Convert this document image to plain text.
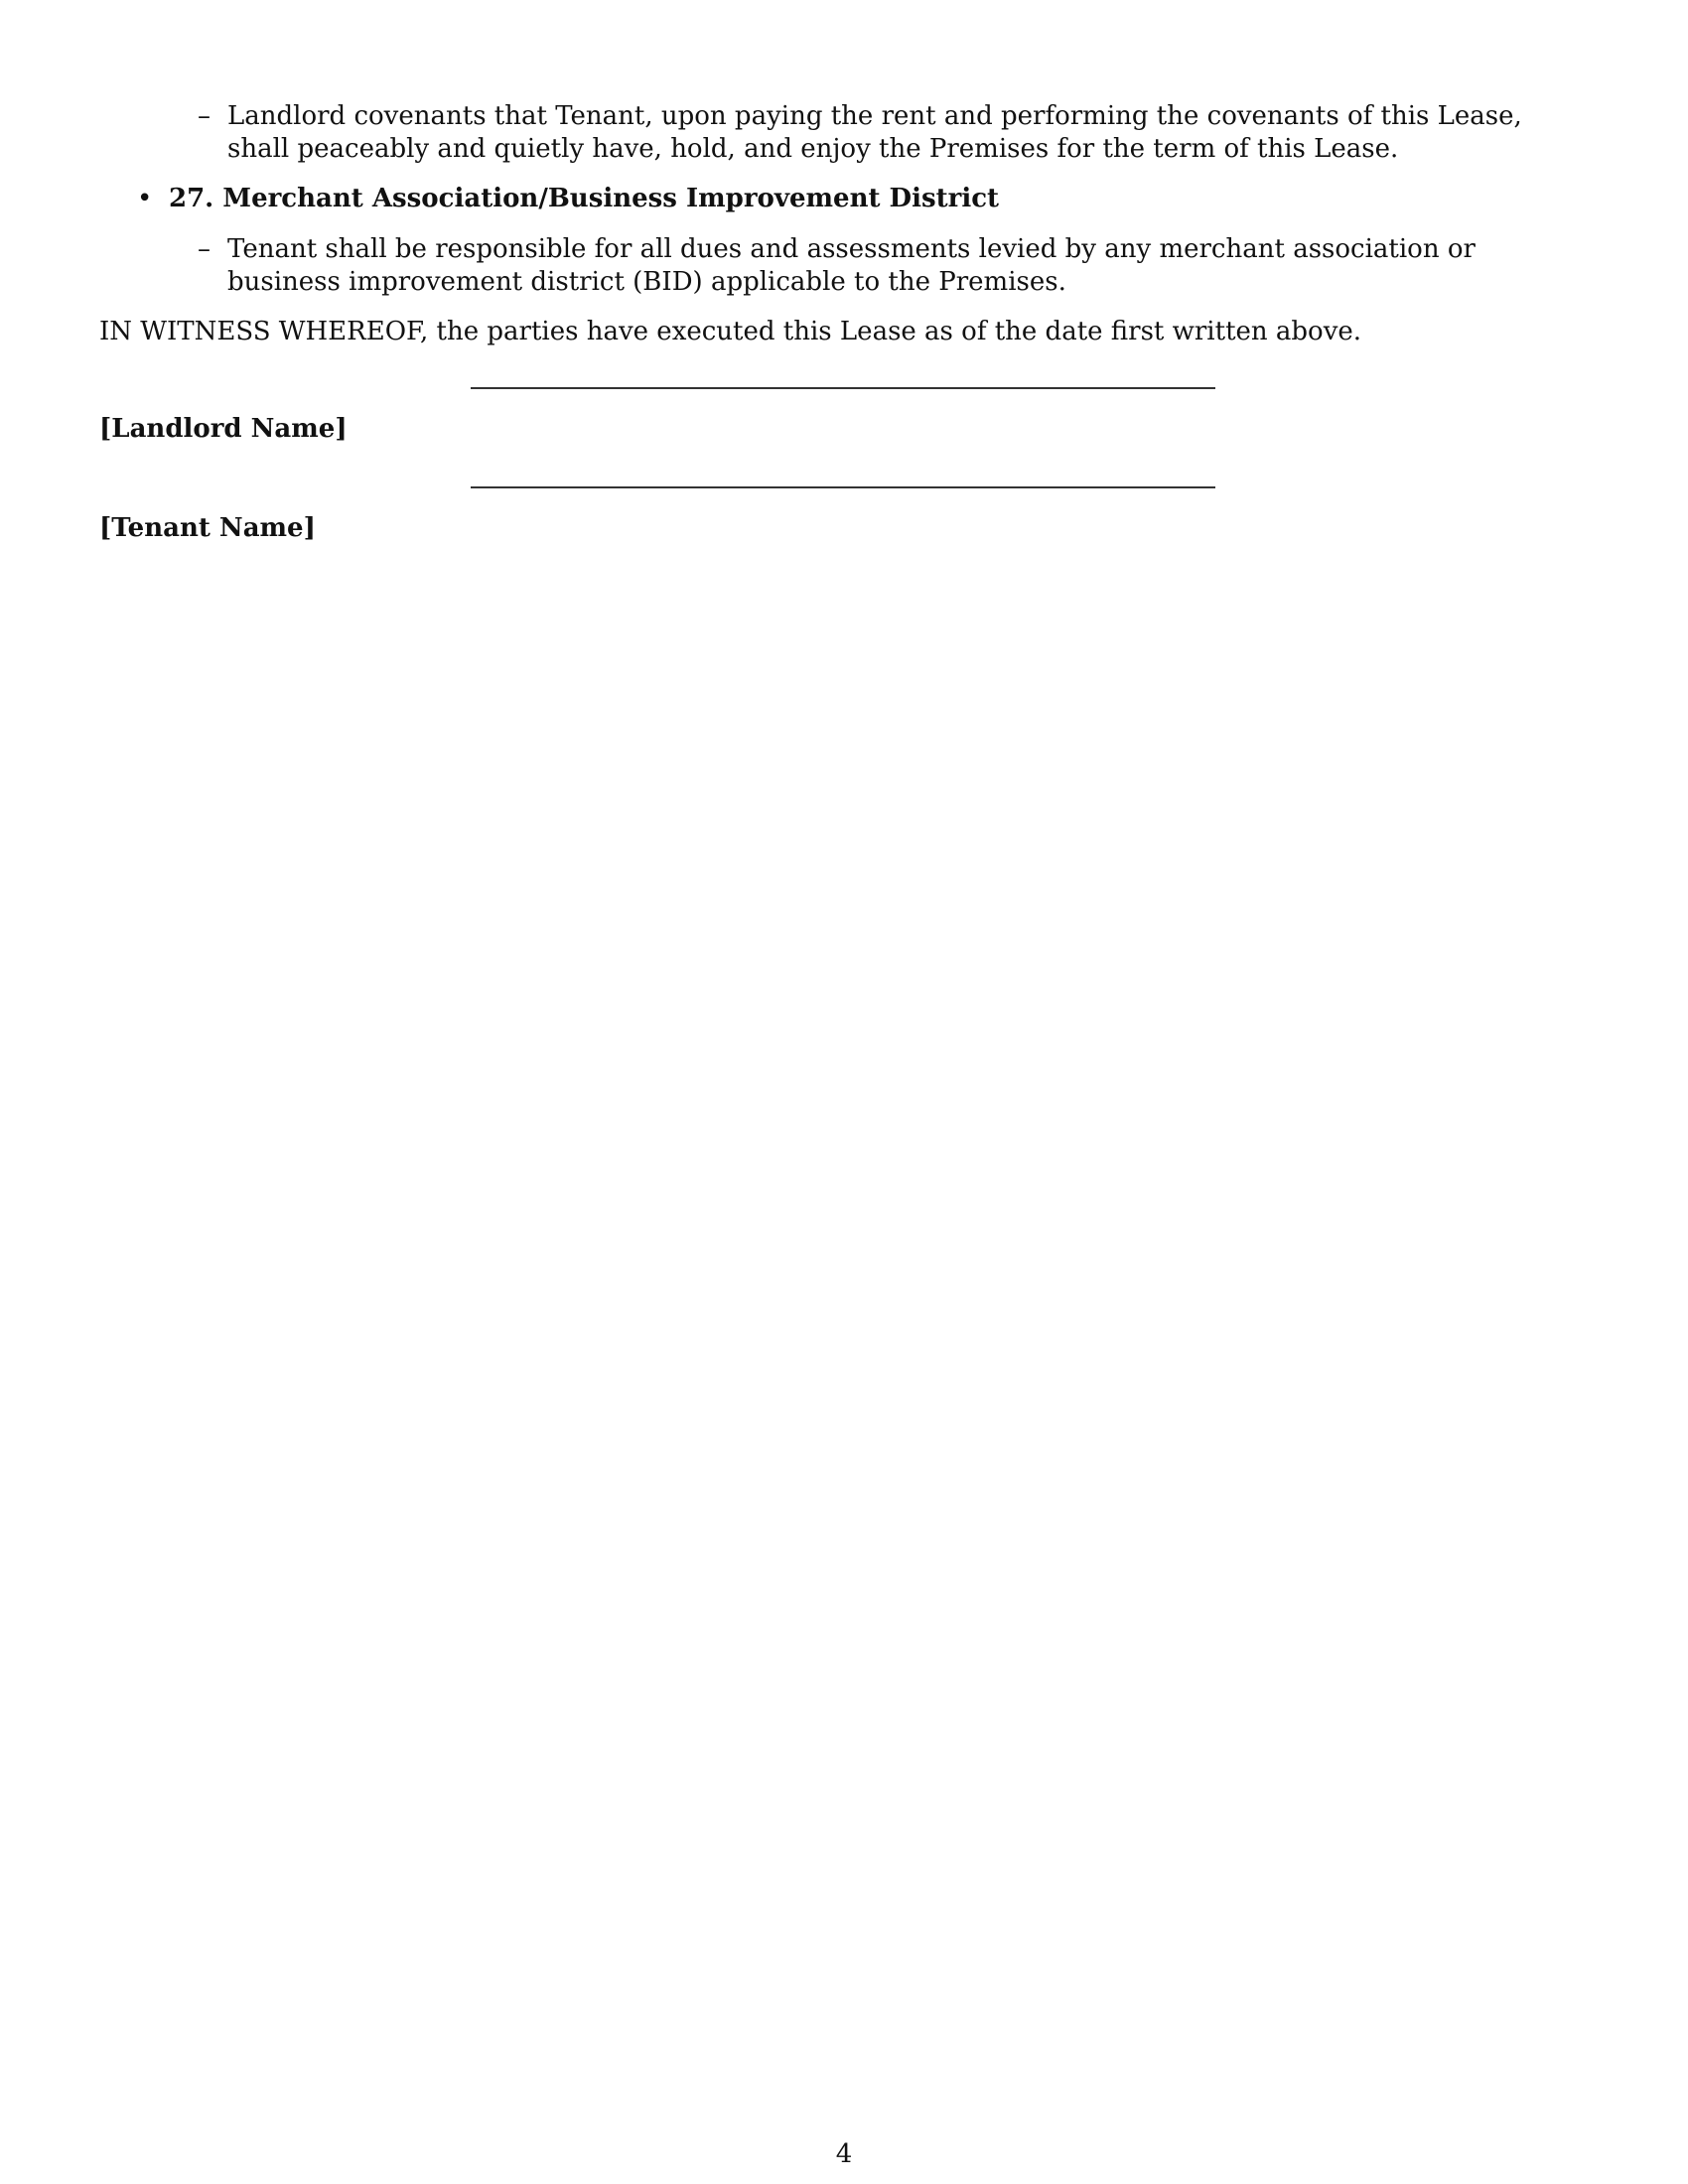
– Landlord covenants that Tenant, upon paying the rent and performing the covenants of this Lease, shall peaceably and quietly have, hold, and enjoy the Premises for the term of this Lease.

• 27. Merchant Association/Business Improvement District
– Tenant shall be responsible for all dues and assessments levied by any merchant association or business improvement district (BID) applicable to the Premises.

IN WITNESS WHEREOF, the parties have executed this Lease as of the date first written above.

[Landlord Name]

[Tenant Name]

4
